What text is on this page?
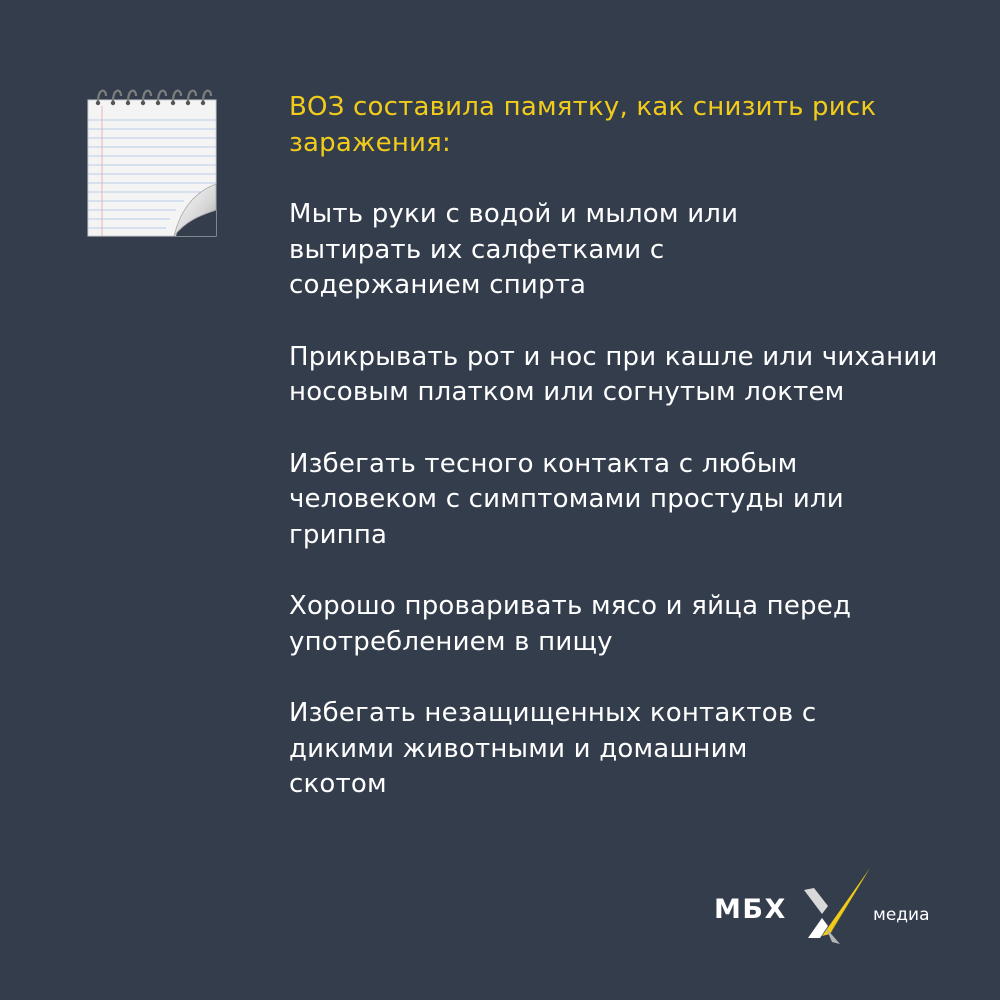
ВОЗ составила памятку, как снизить риск заражения:

Мыть руки с водой и мылом или вытирать их салфетками с содержанием спирта

Прикрывать рот и нос при кашле или чихании носовым платком или согнутым локтем

Избегать тесного контакта с любым человеком с симптомами простуды или гриппа

Хорошо проваривать мясо и яйца перед употреблением в пищу

Избегать незащищенных контактов с дикими животными и домашним скотом

МБХ	медиа
